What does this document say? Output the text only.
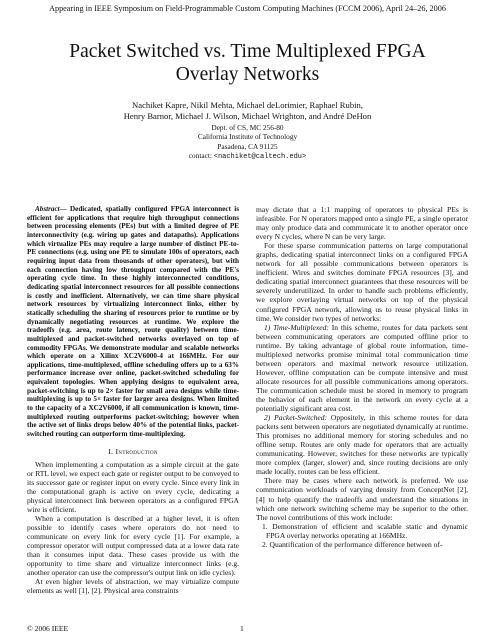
Appearing in IEEE Symposium on Field-Programmable Custom Computing Machines (FCCM 2006), April 24–26, 2006
Packet Switched vs. Time Multiplexed FPGA
Overlay Networks
Nachiket Kapre, Nikil Mehta, Michael deLorimier, Raphael Rubin,
Henry Barnor, Michael J. Wilson, Michael Wrighton, and André DeHon
Dept. of CS, MC 256-80
California Institute of Technology
Pasadena, CA 91125
contact: <nachiket@caltech.edu>

Abstract— Dedicated, spatially configured FPGA interconnect is efficient for applications that require high throughput connections between processing elements (PEs) but with a limited degree of PE interconnectivity (e.g. wiring up gates and datapaths). Applications which virtualize PEs may require a large number of distinct PE-to-PE connections (e.g. using one PE to simulate 100s of operators, each requiring input data from thousands of other operators), but with each connection having low throughput compared with the PE's operating cycle time. In these highly interconnected conditions, dedicating spatial interconnect resources for all possible connections is costly and inefficient. Alternatively, we can time share physical network resources by virtualizing interconnect links, either by statically scheduling the sharing of resources prior to runtime or by dynamically negotiating resources at runtime. We explore the tradeoffs (e.g. area, route latency, route quality) between time-multiplexed and packet-switched networks overlayed on top of commodity FPGAs. We demonstrate modular and scalable networks which operate on a Xilinx XC2V6000-4 at 166MHz. For our applications, time-multiplexed, offline scheduling offers up to a 63% performance increase over online, packet-switched scheduling for equivalent topologies. When applying designs to equivalent area, packet-switching is up to 2× faster for small area designs while time-multiplexing is up to 5× faster for larger area designs. When limited to the capacity of a XC2V6000, if all communication is known, time-multiplexed routing outperforms packet-switching; however when the active set of links drops below 40% of the potential links, packet-switched routing can outperform time-multiplexing.

I. Introduction

When implementing a computation as a simple circuit at the gate or RTL level, we expect each gate or register output to be conveyed to its successor gate or register input on every cycle. Since every link in the computational graph is active on every cycle, dedicating a physical interconnect link between operators as a configured FPGA wire is efficient.

When a computation is described at a higher level, it is often possible to identify cases where operators do not need to communicate on every link for every cycle [1]. For example, a compressor operator will output compressed data at a lower data rate than it consumes input data. These cases provide us with the opportunity to time share and virtualize interconnect links (e.g. another operator can use the compressor's output link on idle cycles).

At even higher levels of abstraction, we may virtualize compute elements as well [1], [2]. Physical area constraints

may dictate that a 1:1 mapping of operators to physical PEs is infeasible. For N operators mapped onto a single PE, a single operator may only produce data and communicate it to another operator once every N cycles, where N can be very large.

For these sparse communication patterns on large computational graphs, dedicating spatial interconnect links on a configured FPGA network for all possible communications between operators is inefficient. Wires and switches dominate FPGA resources [3], and dedicating spatial interconnect guarantees that these resources will be severely underutilized. In order to handle such problems efficiently, we explore overlaying virtual networks on top of the physical configured FPGA network, allowing us to reuse physical links in time. We consider two types of networks:

1) Time-Multiplexed: In this scheme, routes for data packets sent between communicating operators are computed offline prior to runtime. By taking advantage of global route information, time-multiplexed networks promise minimal total communication time between operators and maximal network resource utilization. However, offline computation can be compute intensive and must allocate resources for all possible communications among operators. The communication schedule must be stored in memory to program the behavior of each element in the network on every cycle at a potentially significant area cost.

2) Packet-Switched: Oppositely, in this scheme routes for data packets sent between operators are negotiated dynamically at runtime. This promises no additional memory for storing schedules and no offline setup. Routes are only made for operators that are actually communicating. However, switches for these networks are typically more complex (larger, slower) and, since routing decisions are only made locally, routes can be less efficient.

There may be cases where each network is preferred. We use communication workloads of varying density from ConceptNet [2], [4] to help quantify the tradeoffs and understand the situations in which one network switching scheme may be superior to the other. The novel contributions of this work include:

1. Demonstration of efficient and scalable static and dynamic FPGA overlay networks operating at 166MHz.

2. Quantification of the performance difference between of-

© 2006 IEEE	1
